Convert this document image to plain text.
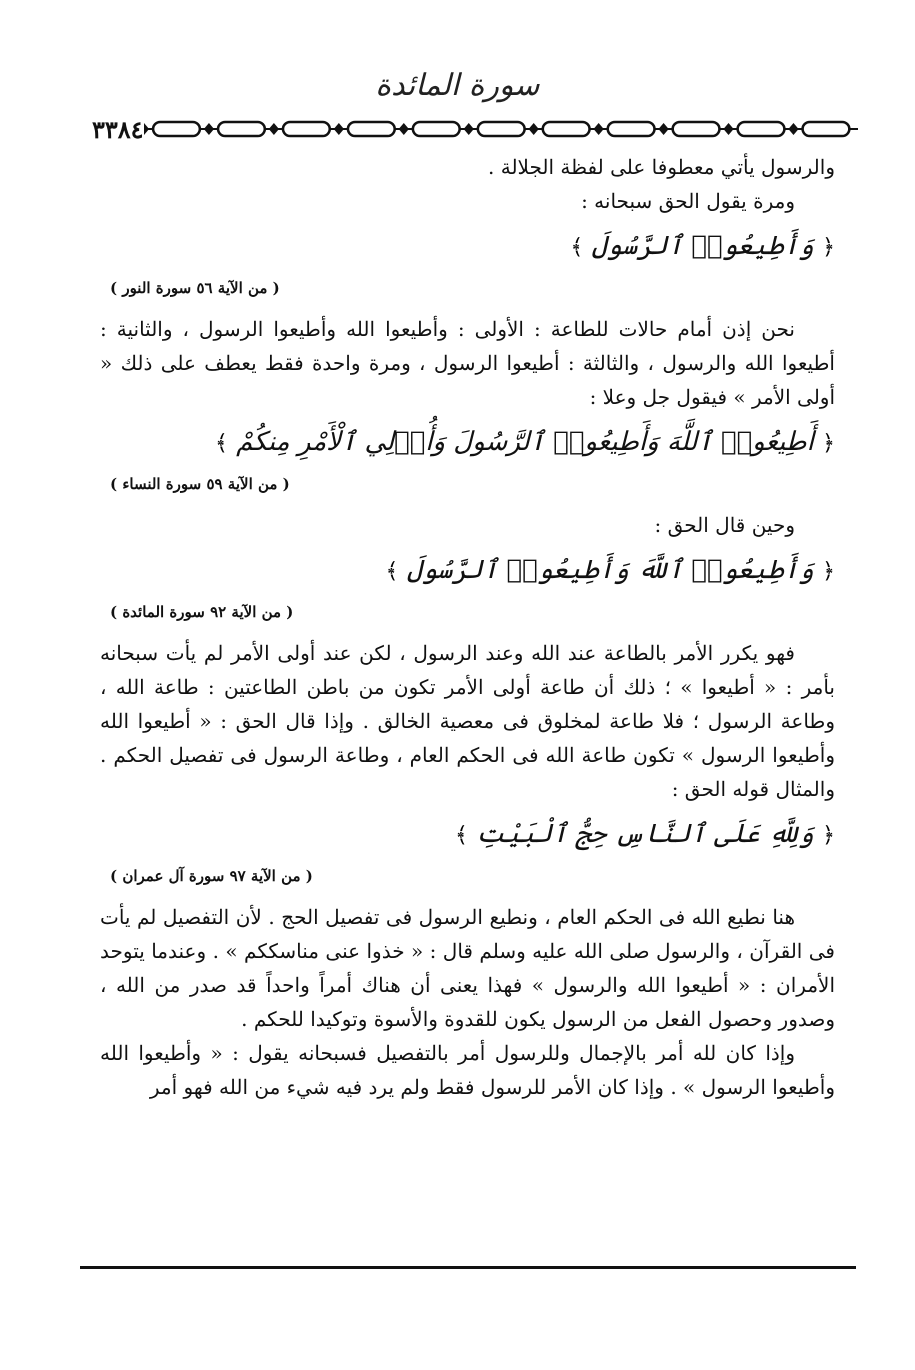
سورة المائدة
٣٣٨٤

والرسول يأتي معطوفا على لفظة الجلالة .

ومرة يقول الحق سبحانه :

﴿ وَأَطِيعُوا۟ ٱلرَّسُولَ ﴾

( من الآية ٥٦ سورة النور )

نحن إذن أمام حالات للطاعة : الأولى : وأطيعوا الله وأطيعوا الرسول ، والثانية : أطيعوا الله والرسول ، والثالثة : أطيعوا الرسول ، ومرة واحدة فقط يعطف على ذلك « أولى الأمر » فيقول جل وعلا :

﴿ أَطِيعُوا۟ ٱللَّهَ وَأَطِيعُوا۟ ٱلرَّسُولَ وَأُو۟لِي ٱلْأَمْرِ مِنكُمْ ﴾

( من الآية ٥٩ سورة النساء )

وحين قال الحق :

﴿ وَأَطِيعُوا۟ ٱللَّهَ وَأَطِيعُوا۟ ٱلرَّسُولَ ﴾

( من الآية ٩٢ سورة المائدة )

فهو يكرر الأمر بالطاعة عند الله وعند الرسول ، لكن عند أولى الأمر لم يأت سبحانه بأمر : « أطيعوا » ؛ ذلك أن طاعة أولى الأمر تكون من باطن الطاعتين : طاعة الله ، وطاعة الرسول ؛ فلا طاعة لمخلوق فى معصية الخالق . وإذا قال الحق : « أطيعوا الله وأطيعوا الرسول » تكون طاعة الله فى الحكم العام ، وطاعة الرسول فى تفصيل الحكم . والمثال قوله الحق :

﴿ وَلِلَّهِ عَلَى ٱلنَّاسِ حِجُّ ٱلْبَيْتِ ﴾

( من الآية ٩٧ سورة آل عمران )

هنا نطيع الله فى الحكم العام ، ونطيع الرسول فى تفصيل الحج . لأن التفصيل لم يأت فى القرآن ، والرسول صلى الله عليه وسلم قال : « خذوا عنى مناسككم » . وعندما يتوحد الأمران : « أطيعوا الله والرسول » فهذا يعنى أن هناك أمراً واحداً قد صدر من الله ، وصدور وحصول الفعل من الرسول يكون للقدوة والأسوة وتوكيدا للحكم .

وإذا كان لله أمر بالإجمال وللرسول أمر بالتفصيل فسبحانه يقول : « وأطيعوا الله وأطيعوا الرسول » . وإذا كان الأمر للرسول فقط ولم يرد فيه شيء من الله فهو أمر
